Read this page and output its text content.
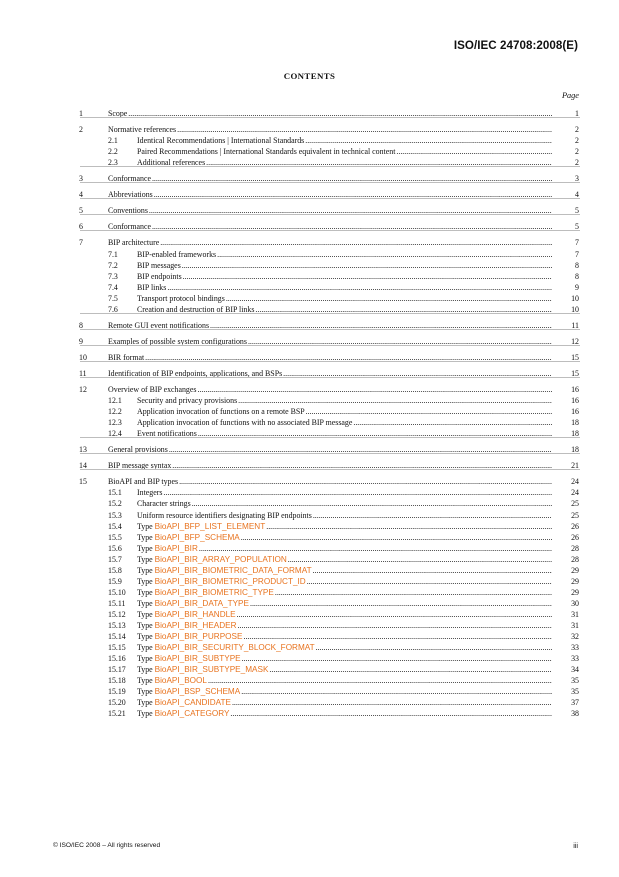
ISO/IEC 24708:2008(E)
CONTENTS
Page
1	Scope .....	1
2	Normative references .....	2
2.1 Identical Recommendations | International Standards .....	2
2.2 Paired Recommendations | International Standards equivalent in technical content .....	2
2.3 Additional references .....	2
3	Conformance .....	3
4	Abbreviations .....	4
5	Conventions .....	5
6	Conformance .....	5
7	BIP architecture .....	7
7.1 BIP-enabled frameworks .....	7
7.2 BIP messages .....	8
7.3 BIP endpoints .....	8
7.4 BIP links .....	9
7.5 Transport protocol bindings .....	10
7.6 Creation and destruction of BIP links .....	10
8	Remote GUI event notifications .....	11
9	Examples of possible system configurations .....	12
10	BIR format .....	15
11	Identification of BIP endpoints, applications, and BSPs .....	15
12	Overview of BIP exchanges .....	16
12.1 Security and privacy provisions .....	16
12.2 Application invocation of functions on a remote BSP .....	16
12.3 Application invocation of functions with no associated BIP message .....	18
12.4 Event notifications .....	18
13	General provisions .....	18
14	BIP message syntax .....	21
15	BioAPI and BIP types .....	24
15.1 Integers .....	24
15.2 Character strings .....	25
15.3 Uniform resource identifiers designating BIP endpoints .....	25
15.4 Type BioAPI_BFP_LIST_ELEMENT .....	26
15.5 Type BioAPI_BFP_SCHEMA .....	26
15.6 Type BioAPI_BIR .....	28
15.7 Type BioAPI_BIR_ARRAY_POPULATION .....	28
15.8 Type BioAPI_BIR_BIOMETRIC_DATA_FORMAT .....	29
15.9 Type BioAPI_BIR_BIOMETRIC_PRODUCT_ID .....	29
15.10 Type BioAPI_BIR_BIOMETRIC_TYPE .....	29
15.11 Type BioAPI_BIR_DATA_TYPE .....	30
15.12 Type BioAPI_BIR_HANDLE .....	31
15.13 Type BioAPI_BIR_HEADER .....	31
15.14 Type BioAPI_BIR_PURPOSE .....	32
15.15 Type BioAPI_BIR_SECURITY_BLOCK_FORMAT .....	33
15.16 Type BioAPI_BIR_SUBTYPE .....	33
15.17 Type BioAPI_BIR_SUBTYPE_MASK .....	34
15.18 Type BioAPI_BOOL .....	35
15.19 Type BioAPI_BSP_SCHEMA .....	35
15.20 Type BioAPI_CANDIDATE .....	37
15.21 Type BioAPI_CATEGORY .....	38
© ISO/IEC 2008 – All rights reserved	iii
